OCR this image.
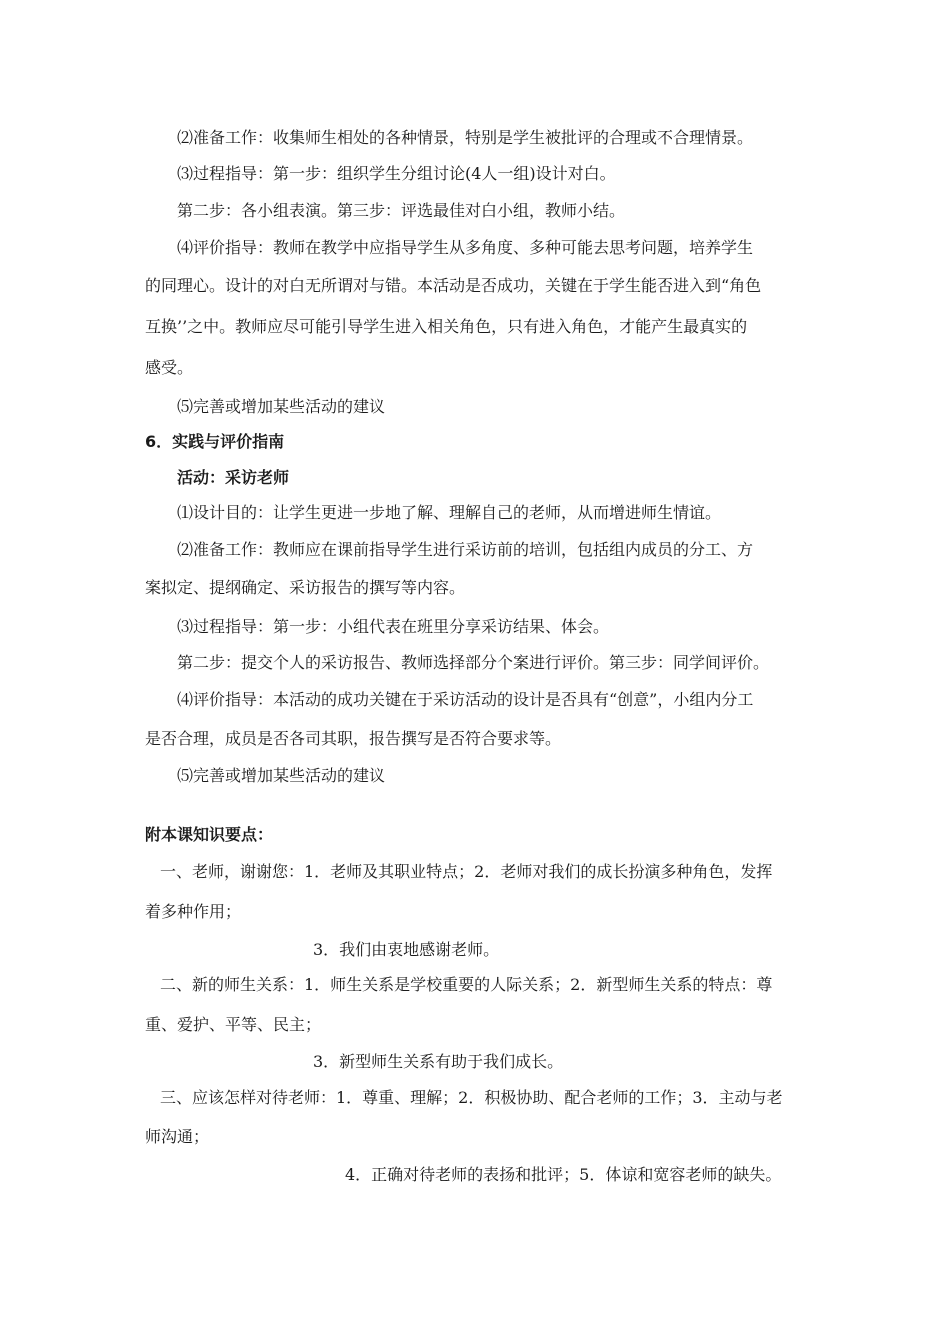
⑵准备工作：收集师生相处的各种情景，特别是学生被批评的合理或不合理情景。
⑶过程指导：第一步：组织学生分组讨论(4人一组)设计对白。
第二步：各小组表演。第三步：评选最佳对白小组，教师小结。
⑷评价指导：教师在教学中应指导学生从多角度、多种可能去思考问题，培养学生
的同理心。设计的对白无所谓对与错。本活动是否成功，关键在于学生能否进入到“角色
互换’’之中。教师应尽可能引导学生进入相关角色，只有进入角色，才能产生最真实的
感受。
⑸完善或增加某些活动的建议
6．实践与评价指南
活动：采访老师
⑴设计目的：让学生更进一步地了解、理解自己的老师，从而增进师生情谊。
⑵准备工作：教师应在课前指导学生进行采访前的培训，包括组内成员的分工、方
案拟定、提纲确定、采访报告的撰写等内容。
⑶过程指导：第一步：小组代表在班里分享采访结果、体会。
第二步：提交个人的采访报告、教师选择部分个案进行评价。第三步：同学间评价。
⑷评价指导：本活动的成功关键在于采访活动的设计是否具有“创意”，小组内分工
是否合理，成员是否各司其职，报告撰写是否符合要求等。
⑸完善或增加某些活动的建议
附本课知识要点：
一、老师，谢谢您：1．老师及其职业特点；2．老师对我们的成长扮演多种角色，发挥
着多种作用；
3．我们由衷地感谢老师。
二、新的师生关系：1．师生关系是学校重要的人际关系；2．新型师生关系的特点：尊
重、爱护、平等、民主；
3．新型师生关系有助于我们成长。
三、应该怎样对待老师：1．尊重、理解；2．积极协助、配合老师的工作；3．主动与老
师沟通；
4．正确对待老师的表扬和批评；5．体谅和宽容老师的缺失。
